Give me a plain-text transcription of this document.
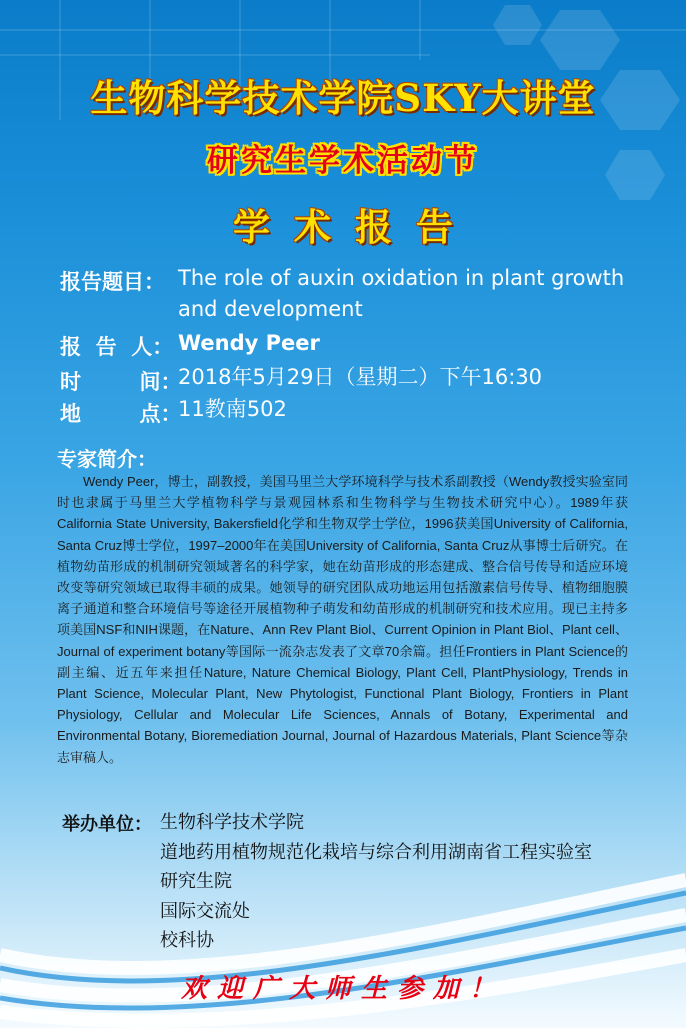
生物科学技术学院SKY大讲堂
研究生学术活动节
学术报告
报告题目： The role of auxin oxidation in plant growth and development
报  告  人： Wendy Peer
时        间：
2018年5月29日（星期二）下午16:30
地        点：
11教南502
专家简介：
Wendy Peer，博士，副教授，美国马里兰大学环境科学与技术系副教授（Wendy教授实验室同时也隶属于马里兰大学植物科学与景观园林系和生物科学与生物技术研究中心）。1989年获California State University, Bakersfield化学和生物双学士学位，1996获美国University of California, Santa Cruz博士学位，1997–2000年在美国University of California, Santa Cruz从事博士后研究。在植物幼苗形成的机制研究领域著名的科学家，她在幼苗形成的形态建成、整合信号传导和适应环境改变等研究领域已取得丰硕的成果。她领导的研究团队成功地运用包括激素信号传导、植物细胞膜离子通道和整合环境信号等途径开展植物种子萌发和幼苗形成的机制研究和技术应用。现已主持多项美国NSF和NIH课题，在Nature、Ann Rev Plant Biol、Current Opinion in Plant Biol、Plant cell、Journal of experiment botany等国际一流杂志发表了文章70余篇。担任Frontiers in Plant Science的副主编、近五年来担任Nature, Nature Chemical Biology, Plant Cell, PlantPhysiology, Trends in Plant Science, Molecular Plant, New Phytologist, Functional Plant Biology, Frontiers in Plant Physiology, Cellular and Molecular Life Sciences, Annals of Botany, Experimental and Environmental Botany, Bioremediation Journal, Journal of Hazardous Materials, Plant Science等杂志审稿人。
举办单位： 生物科学技术学院
道地药用植物规范化栽培与综合利用湖南省工程实验室
研究生院
国际交流处
校科协
欢迎广大师生参加！
